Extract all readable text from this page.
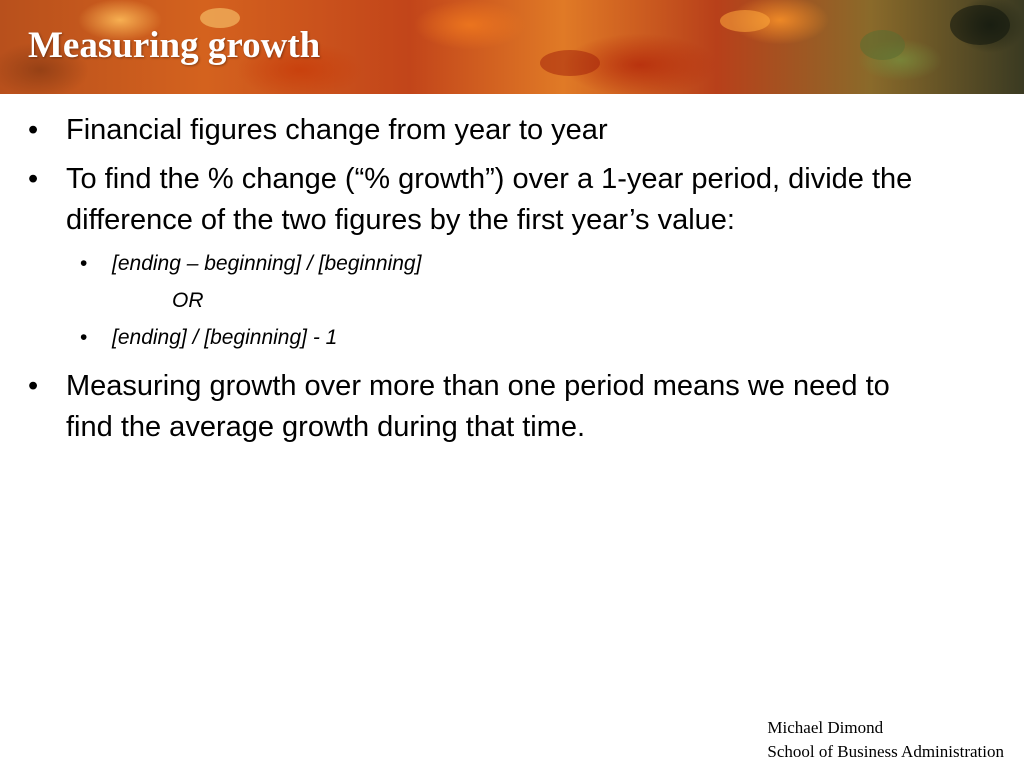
Measuring growth

• Financial figures change from year to year

• To find the % change (“% growth”) over a 1-year period, divide the difference of the two figures by the first year’s value:

• [ending – beginning] / [beginning]

OR

• [ending] / [beginning] - 1

• Measuring growth over more than one period means we need to find the average growth during that time.

Michael Dimond
School of Business Administration
